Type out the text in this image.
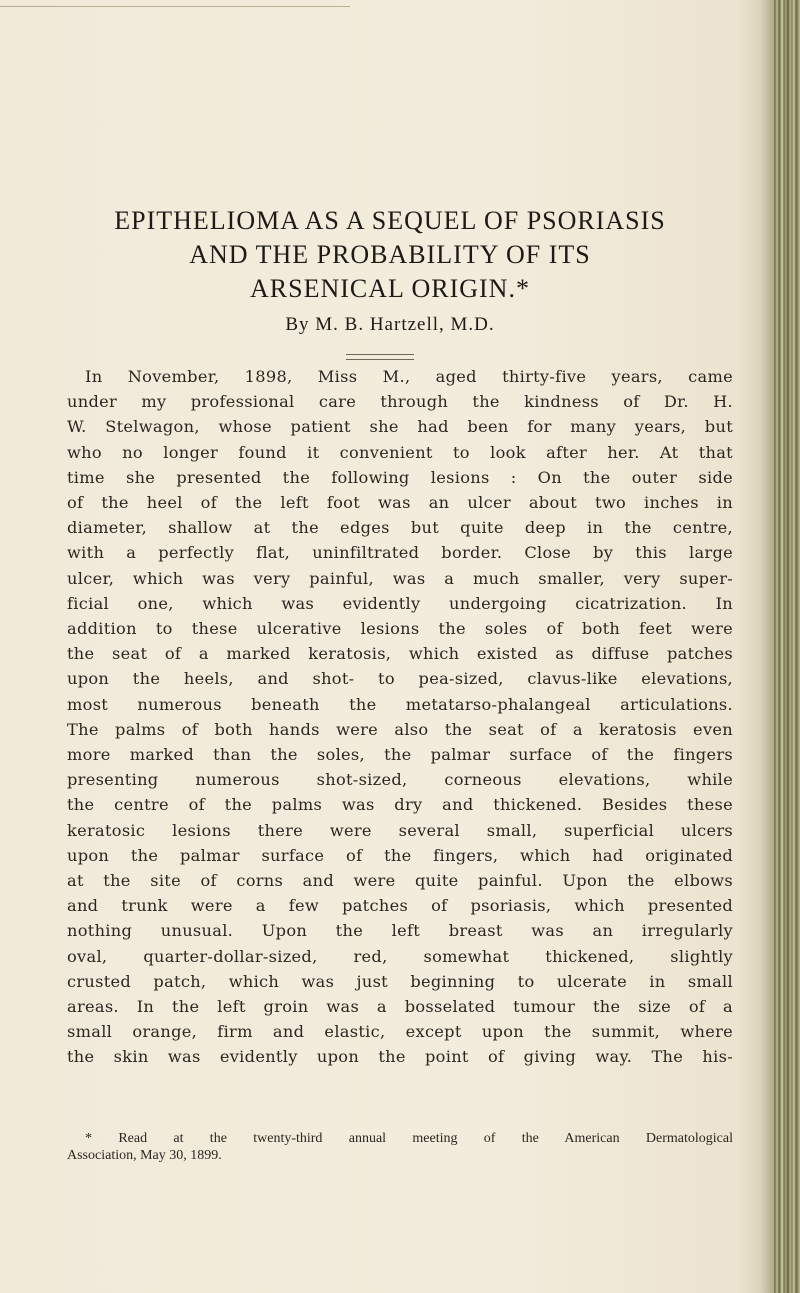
EPITHELIOMA AS A SEQUEL OF PSORIASIS
AND THE PROBABILITY OF ITS
ARSENICAL ORIGIN.*
By M. B. Hartzell, M.D.
In November, 1898, Miss M., aged thirty-five years, came
under my professional care through the kindness of Dr. H.
W. Stelwagon, whose patient she had been for many years, but
who no longer found it convenient to look after her. At that
time she presented the following lesions : On the outer side
of the heel of the left foot was an ulcer about two inches in
diameter, shallow at the edges but quite deep in the centre,
with a perfectly flat, uninfiltrated border. Close by this large
ulcer, which was very painful, was a much smaller, very super-
ficial one, which was evidently undergoing cicatrization. In
addition to these ulcerative lesions the soles of both feet were
the seat of a marked keratosis, which existed as diffuse patches
upon the heels, and shot- to pea-sized, clavus-like elevations,
most numerous beneath the metatarso-phalangeal articulations.
The palms of both hands were also the seat of a keratosis even
more marked than the soles, the palmar surface of the fingers
presenting numerous shot-sized, corneous elevations, while
the centre of the palms was dry and thickened. Besides these
keratosic lesions there were several small, superficial ulcers
upon the palmar surface of the fingers, which had originated
at the site of corns and were quite painful. Upon the elbows
and trunk were a few patches of psoriasis, which presented
nothing unusual. Upon the left breast was an irregularly
oval, quarter-dollar-sized, red, somewhat thickened, slightly
crusted patch, which was just beginning to ulcerate in small
areas. In the left groin was a bosselated tumour the size of a
small orange, firm and elastic, except upon the summit, where
the skin was evidently upon the point of giving way. The his-
* Read at the twenty-third annual meeting of the American Dermatological
Association, May 30, 1899.
